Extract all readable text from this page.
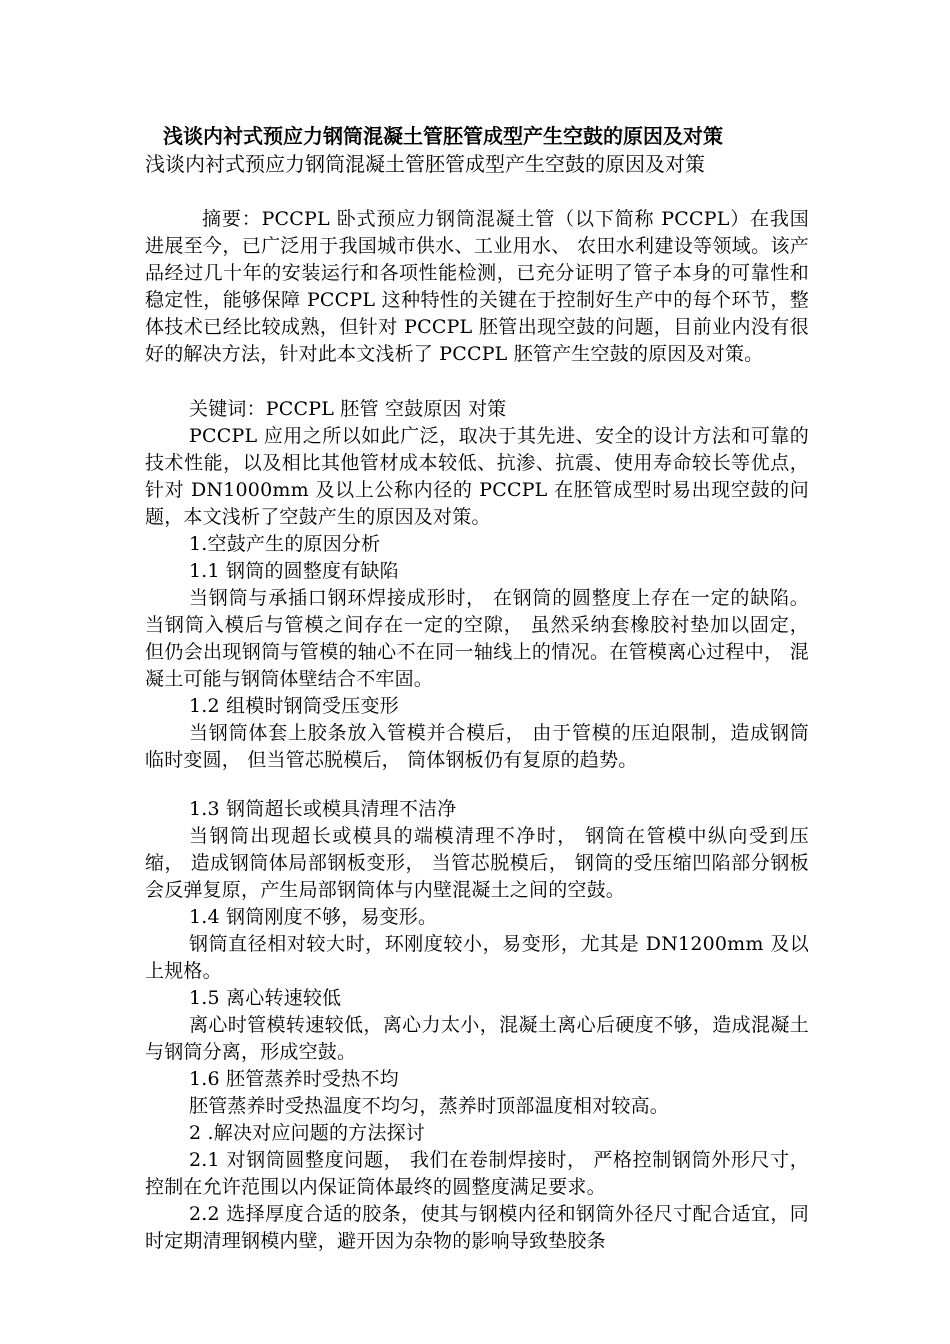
浅谈内衬式预应力钢筒混凝土管胚管成型产生空鼓的原因及对策
浅谈内衬式预应力钢筒混凝土管胚管成型产生空鼓的原因及对策

摘要：PCCPL 卧式预应力钢筒混凝土管（以下简称 PCCPL）在我国进展至今，已广泛用于我国城市供水、工业用水、 农田水利建设等领域。该产品经过几十年的安装运行和各项性能检测，已充分证明了管子本身的可靠性和稳定性，能够保障 PCCPL 这种特性的关键在于控制好生产中的每个环节，整体技术已经比较成熟，但针对 PCCPL 胚管出现空鼓的问题，目前业内没有很好的解决方法，针对此本文浅析了 PCCPL 胚管产生空鼓的原因及对策。

关键词：PCCPL 胚管 空鼓原因 对策

PCCPL 应用之所以如此广泛，取决于其先进、安全的设计方法和可靠的技术性能，以及相比其他管材成本较低、抗渗、抗震、使用寿命较长等优点，针对 DN1000mm 及以上公称内径的 PCCPL 在胚管成型时易出现空鼓的问题，本文浅析了空鼓产生的原因及对策。

1.空鼓产生的原因分析

1.1 钢筒的圆整度有缺陷

当钢筒与承插口钢环焊接成形时， 在钢筒的圆整度上存在一定的缺陷。当钢筒入模后与管模之间存在一定的空隙， 虽然采纳套橡胶衬垫加以固定， 但仍会出现钢筒与管模的轴心不在同一轴线上的情况。在管模离心过程中， 混凝土可能与钢筒体壁结合不牢固。

1.2 组模时钢筒受压变形

当钢筒体套上胶条放入管模并合模后， 由于管模的压迫限制，造成钢筒临时变圆， 但当管芯脱模后， 筒体钢板仍有复原的趋势。

1.3 钢筒超长或模具清理不洁净

当钢筒出现超长或模具的端模清理不净时， 钢筒在管模中纵向受到压缩， 造成钢筒体局部钢板变形， 当管芯脱模后， 钢筒的受压缩凹陷部分钢板会反弹复原，产生局部钢筒体与内壁混凝土之间的空鼓。

1.4 钢筒刚度不够，易变形。

钢筒直径相对较大时，环刚度较小，易变形，尤其是 DN1200mm 及以上规格。

1.5 离心转速较低

离心时管模转速较低，离心力太小，混凝土离心后硬度不够，造成混凝土与钢筒分离，形成空鼓。

1.6 胚管蒸养时受热不均

胚管蒸养时受热温度不均匀，蒸养时顶部温度相对较高。

2 .解决对应问题的方法探讨

2.1 对钢筒圆整度问题， 我们在卷制焊接时， 严格控制钢筒外形尺寸，控制在允许范围以内保证筒体最终的圆整度满足要求。

2.2 选择厚度合适的胶条，使其与钢模内径和钢筒外径尺寸配合适宜，同时定期清理钢模内壁，避开因为杂物的影响导致垫胶条
